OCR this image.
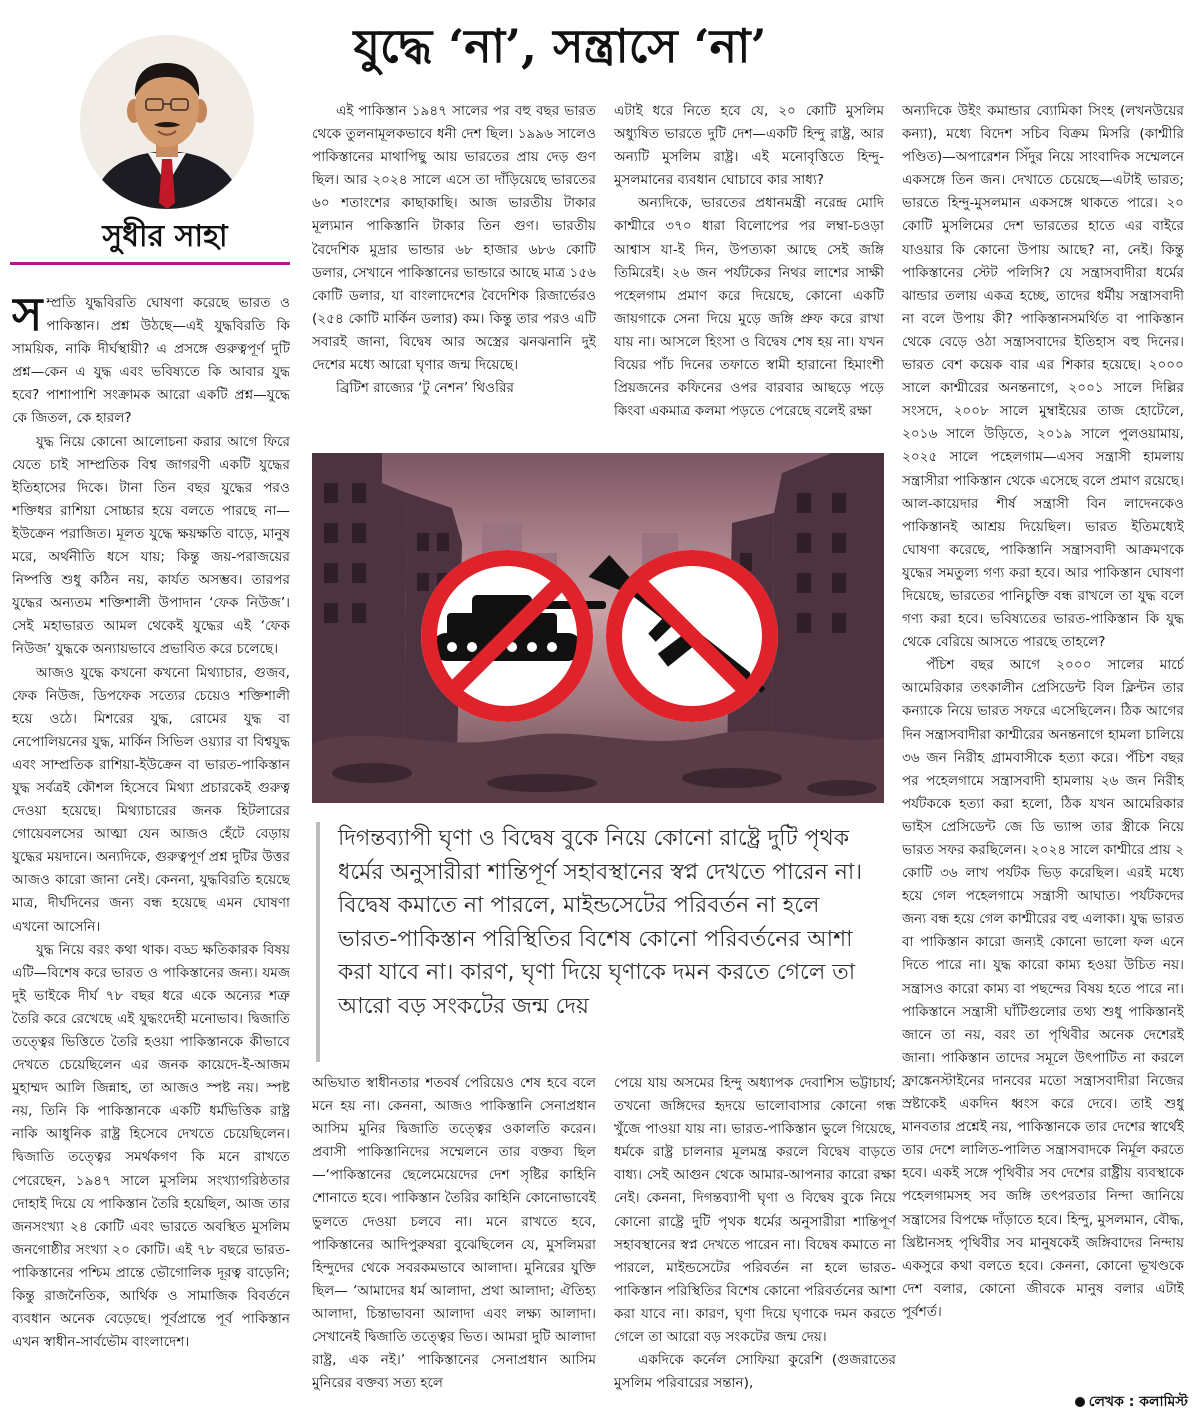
যুদ্ধে ‘না’, সন্ত্রাসে ‘না’
সুধীর সাহা

সম্প্রতি যুদ্ধবিরতি ঘোষণা করেছে ভারত ও পাকিস্তান। প্রশ্ন উঠছে—এই যুদ্ধবিরতি কি সাময়িক, নাকি দীর্ঘস্থায়ী? এ প্রসঙ্গে গুরুত্বপূর্ণ দুটি প্রশ্ন—কেন এ যুদ্ধ এবং ভবিষ্যতে কি আবার যুদ্ধ হবে? পাশাপাশি সংক্রামক আরো একটি প্রশ্ন—যুদ্ধে কে জিতল, কে হারল?

যুদ্ধ নিয়ে কোনো আলোচনা করার আগে ফিরে যেতে চাই সাম্প্রতিক বিশ্ব জাগরণী একটি যুদ্ধের ইতিহাসের দিকে। টানা তিন বছর যুদ্ধের পরও শক্তিধর রাশিয়া সোচ্চার হয়ে বলতে পারছে না—ইউক্রেন পরাজিত। মূলত যুদ্ধে ক্ষয়ক্ষতি বাড়ে, মানুষ মরে, অর্থনীতি ধসে যায়; কিন্তু জয়-পরাজয়ের নিষ্পত্তি শুধু কঠিন নয়, কার্যত অসম্ভব। তারপর যুদ্ধের অন্যতম শক্তিশালী উপাদান ‘ফেক নিউজ’। সেই মহাভারত আমল থেকেই যুদ্ধের এই ‘ফেক নিউজ’ যুদ্ধকে অন্যায়ভাবে প্রভাবিত করে চলেছে।

আজও যুদ্ধে কখনো কখনো মিথ্যাচার, গুজব, ফেক নিউজ, ডিপফেক সত্যের চেয়েও শক্তিশালী হয়ে ওঠে। মিশরের যুদ্ধ, রোমের যুদ্ধ বা নেপোলিয়নের যুদ্ধ, মার্কিন সিভিল ওয়্যার বা বিশ্বযুদ্ধ এবং সাম্প্রতিক রাশিয়া-ইউক্রেন বা ভারত-পাকিস্তান যুদ্ধ সর্বত্রই কৌশল হিসেবে মিথ্যা প্রচারকেই গুরুত্ব দেওয়া হয়েছে। মিথ্যাচারের জনক হিটলারের গোয়েবলসের আত্মা যেন আজও হেঁটে বেড়ায় যুদ্ধের ময়দানে। অন্যদিকে, গুরুত্বপূর্ণ প্রশ্ন দুটির উত্তর আজও কারো জানা নেই। কেননা, যুদ্ধবিরতি হয়েছে মাত্র, দীর্ঘদিনের জন্য বন্ধ হয়েছে এমন ঘোষণা এখনো আসেনি।

যুদ্ধ নিয়ে বরং কথা থাক। বড্ড ক্ষতিকারক বিষয় এটি—বিশেষ করে ভারত ও পাকিস্তানের জন্য। যমজ দুই ভাইকে দীর্ঘ ৭৮ বছর ধরে একে অন্যের শত্রু তৈরি করে রেখেছে এই যুদ্ধংদেহী মনোভাব। দ্বিজাতি তত্ত্বের ভিত্তিতে তৈরি হওয়া পাকিস্তানকে কীভাবে দেখতে চেয়েছিলেন এর জনক কায়েদে-ই-আজম মুহাম্মদ আলি জিন্নাহ, তা আজও স্পষ্ট নয়। স্পষ্ট নয়, তিনি কি পাকিস্তানকে একটি ধর্মভিত্তিক রাষ্ট্র নাকি আধুনিক রাষ্ট্র হিসেবে দেখতে চেয়েছিলেন। দ্বিজাতি তত্ত্বের সমর্থকগণ কি মনে রাখতে পেরেছেন, ১৯৪৭ সালে মুসলিম সংখ্যাগরিষ্ঠতার দোহাই দিয়ে যে পাকিস্তান তৈরি হয়েছিল, আজ তার জনসংখ্যা ২৪ কোটি এবং ভারতে অবস্থিত মুসলিম জনগোষ্ঠীর সংখ্যা ২০ কোটি। এই ৭৮ বছরে ভারত-পাকিস্তানের পশ্চিম প্রান্তে ভৌগোলিক দূরত্ব বাড়েনি; কিন্তু রাজনৈতিক, আর্থিক ও সামাজিক বিবর্তনে ব্যবধান অনেক বেড়েছে। পূর্বপ্রান্তে পূর্ব পাকিস্তান এখন স্বাধীন-সার্বভৌম বাংলাদেশ।

এই পাকিস্তান ১৯৪৭ সালের পর বহু বছর ভারত থেকে তুলনামূলকভাবে ধনী দেশ ছিল। ১৯৯৬ সালেও পাকিস্তানের মাথাপিছু আয় ভারতের প্রায় দেড় গুণ ছিল। আর ২০২৪ সালে এসে তা দাঁড়িয়েছে ভারতের ৬০ শতাংশের কাছাকাছি। আজ ভারতীয় টাকার মূল্যমান পাকিস্তানি টাকার তিন গুণ। ভারতীয় বৈদেশিক মুদ্রার ভান্ডার ৬৮ হাজার ৬৮৬ কোটি ডলার, সেখানে পাকিস্তানের ভান্ডারে আছে মাত্র ১৫৬ কোটি ডলার, যা বাংলাদেশের বৈদেশিক রিজার্ভেরও (২৫৪ কোটি মার্কিন ডলার) কম। কিন্তু তার পরও এটি সবারই জানা, বিদ্বেষ আর অস্ত্রের ঝনঝনানি দুই দেশের মধ্যে আরো ঘৃণার জন্ম দিয়েছে।

ব্রিটিশ রাজ্যের ‘টু নেশন’ থিওরির

এটাই ধরে নিতে হবে যে, ২০ কোটি মুসলিম অধ্যুষিত ভারতে দুটি দেশ—একটি হিন্দু রাষ্ট্র, আর অন্যটি মুসলিম রাষ্ট্র। এই মনোবৃত্তিতে হিন্দু-মুসলমানের ব্যবধান ঘোচাবে কার সাধ্য?

অন্যদিকে, ভারতের প্রধানমন্ত্রী নরেন্দ্র মোদি কাশ্মীরে ৩৭০ ধারা বিলোপের পর লম্বা-চওড়া আশ্বাস যা-ই দিন, উপত্যকা আছে সেই জঙ্গি তিমিরেই। ২৬ জন পর্যটকের নিথর লাশের সাক্ষী পহেলগাম প্রমাণ করে দিয়েছে, কোনো একটি জায়গাকে সেনা দিয়ে মুড়ে জঙ্গি প্রুফ করে রাখা যায় না। আসলে হিংসা ও বিদ্বেষ শেষ হয় না। যখন বিয়ের পাঁচ দিনের তফাতে স্বামী হারানো হিমাংশী প্রিয়জনের কফিনের ওপর বারবার আছড়ে পড়ে কিংবা একমাত্র কলমা পড়তে পেরেছে বলেই রক্ষা

অন্যদিকে উইং কমান্ডার ব্যোমিকা সিংহ (লখনউয়ের কন্যা), মধ্যে বিদেশ সচিব বিক্রম মিসরি (কাশ্মীরি পণ্ডিত)—অপারেশন সিঁদুর নিয়ে সাংবাদিক সম্মেলনে একসঙ্গে তিন জন। দেখাতে চেয়েছে—এটাই ভারত; ভারতে হিন্দু-মুসলমান একসঙ্গে থাকতে পারে। ২০ কোটি মুসলিমের দেশ ভারতের হাতে এর বাইরে যাওয়ার কি কোনো উপায় আছে? না, নেই। কিন্তু পাকিস্তানের স্টেট পলিসি? যে সন্ত্রাসবাদীরা ধর্মের ঝান্ডার তলায় একত্র হচ্ছে, তাদের ধর্মীয় সন্ত্রাসবাদী না বলে উপায় কী? পাকিস্তানসমর্থিত বা পাকিস্তান থেকে বেড়ে ওঠা সন্ত্রাসবাদের ইতিহাস বহু দিনের। ভারত বেশ কয়েক বার এর শিকার হয়েছে। ২০০০ সালে কাশ্মীরের অনন্তনাগে, ২০০১ সালে দিল্লির সংসদে, ২০০৮ সালে মুম্বাইয়ের তাজ হোটেলে, ২০১৬ সালে উড়িতে, ২০১৯ সালে পুলওয়ামায়, ২০২৫ সালে পহেলগাম—এসব সন্ত্রাসী হামলায় সন্ত্রাসীরা পাকিস্তান থেকে এসেছে বলে প্রমাণ রয়েছে। আল-কায়েদার শীর্ষ সন্ত্রাসী বিন লাদেনকেও পাকিস্তানই আশ্রয় দিয়েছিল। ভারত ইতিমধ্যেই ঘোষণা করেছে, পাকিস্তানি সন্ত্রাসবাদী আক্রমণকে যুদ্ধের সমতুল্য গণ্য করা হবে। আর পাকিস্তান ঘোষণা দিয়েছে, ভারতের পানিচুক্তি বন্ধ রাখলে তা যুদ্ধ বলে গণ্য করা হবে। ভবিষ্যতের ভারত-পাকিস্তান কি যুদ্ধ থেকে বেরিয়ে আসতে পারছে তাহলে?

পঁচিশ বছর আগে ২০০০ সালের মার্চে আমেরিকার তৎকালীন প্রেসিডেন্ট বিল ক্লিন্টন তার কন্যাকে নিয়ে ভারত সফরে এসেছিলেন। ঠিক আগের দিন সন্ত্রাসবাদীরা কাশ্মীরের অনন্তনাগে হামলা চালিয়ে ৩৬ জন নিরীহ গ্রামবাসীকে হত্যা করে। পঁচিশ বছর পর পহেলগামে সন্ত্রাসবাদী হামলায় ২৬ জন নিরীহ পর্যটককে হত্যা করা হলো, ঠিক যখন আমেরিকার ভাইস প্রেসিডেন্ট জে ডি ভ্যান্স তার স্ত্রীকে নিয়ে ভারত সফর করছিলেন। ২০২৪ সালে কাশ্মীরে প্রায় ২ কোটি ৩৬ লাখ পর্যটক ভিড় করেছিল। এরই মধ্যে হয়ে গেল পহেলগামে সন্ত্রাসী আঘাত। পর্যটকদের জন্য বন্ধ হয়ে গেল কাশ্মীরের বহু এলাকা। যুদ্ধ ভারত বা পাকিস্তান কারো জন্যই কোনো ভালো ফল এনে দিতে পারে না। যুদ্ধ কারো কাম্য হওয়া উচিত নয়। সন্ত্রাসও কারো কাম্য বা পছন্দের বিষয় হতে পারে না। পাকিস্তানে সন্ত্রাসী ঘাঁটিগুলোর তথ্য শুধু পাকিস্তানই জানে তা নয়, বরং তা পৃথিবীর অনেক দেশেরই জানা। পাকিস্তান তাদের সমূলে উৎপাটিত না করলে ফ্রাঙ্কেনস্টাইনের দানবের মতো সন্ত্রাসবাদীরা নিজের স্রষ্টাকেই একদিন ধ্বংস করে দেবে। তাই শুধু মানবতার প্রশ্নেই নয়, পাকিস্তানকে তার দেশের স্বার্থেই তার দেশে লালিত-পালিত সন্ত্রাসবাদকে নির্মূল করতে হবে। একই সঙ্গে পৃথিবীর সব দেশের রাষ্ট্রীয় ব্যবস্থাকে পহেলগামসহ সব জঙ্গি তৎপরতার নিন্দা জানিয়ে সন্ত্রাসের বিপক্ষে দাঁড়াতে হবে। হিন্দু, মুসলমান, বৌদ্ধ, খ্রিষ্টানসহ পৃথিবীর সব মানুষকেই জঙ্গিবাদের নিন্দায় একসুরে কথা বলতে হবে। কেননা, কোনো ভূখণ্ডকে দেশ বলার, কোনো জীবকে মানুষ বলার এটাই পূর্বশর্ত।

দিগন্তব্যাপী ঘৃণা ও বিদ্বেষ বুকে নিয়ে কোনো রাষ্ট্রে দুটি পৃথক ধর্মের অনুসারীরা শান্তিপূর্ণ সহাবস্থানের স্বপ্ন দেখতে পারেন না। বিদ্বেষ কমাতে না পারলে, মাইন্ডসেটের পরিবর্তন না হলে ভারত-পাকিস্তান পরিস্থিতির বিশেষ কোনো পরিবর্তনের আশা করা যাবে না। কারণ, ঘৃণা দিয়ে ঘৃণাকে দমন করতে গেলে তা আরো বড় সংকটের জন্ম দেয়

অভিঘাত স্বাধীনতার শতবর্ষ পেরিয়েও শেষ হবে বলে মনে হয় না। কেননা, আজও পাকিস্তানি সেনাপ্রধান আসিম মুনির দ্বিজাতি তত্ত্বের ওকালতি করেন। প্রবাসী পাকিস্তানিদের সম্মেলনে তার বক্তব্য ছিল—‘পাকিস্তানের ছেলেমেয়েদের দেশ সৃষ্টির কাহিনি শোনাতে হবে। পাকিস্তান তৈরির কাহিনি কোনোভাবেই ভুলতে দেওয়া চলবে না। মনে রাখতে হবে, পাকিস্তানের আদিপুরুষরা বুঝেছিলেন যে, মুসলিমরা হিন্দুদের থেকে সবরকমভাবে আলাদা। মুনিরের যুক্তি ছিল— ‘আমাদের ধর্ম আলাদা, প্রথা আলাদা; ঐতিহ্য আলাদা, চিন্তাভাবনা আলাদা এবং লক্ষ্য আলাদা। সেখানেই দ্বিজাতি তত্ত্বের ভিত। আমরা দুটি আলাদা রাষ্ট্র, এক নই।’ পাকিস্তানের সেনাপ্রধান আসিম মুনিরের বক্তব্য সত্য হলে

পেয়ে যায় অসমের হিন্দু অধ্যাপক দেবাশিস ভট্টাচার্য; তখনো জঙ্গিদের হৃদয়ে ভালোবাসার কোনো গন্ধ খুঁজে পাওয়া যায় না। ভারত-পাকিস্তান ভুলে গিয়েছে, ধর্মকে রাষ্ট্র চালনার মূলমন্ত্র করলে বিদ্বেষ বাড়তে বাধ্য। সেই আগুন থেকে আমার-আপনার কারো রক্ষা নেই। কেননা, দিগন্তব্যাপী ঘৃণা ও বিদ্বেষ বুকে নিয়ে কোনো রাষ্ট্রে দুটি পৃথক ধর্মের অনুসারীরা শান্তিপূর্ণ সহাবস্থানের স্বপ্ন দেখতে পারেন না। বিদ্বেষ কমাতে না পারলে, মাইন্ডসেটের পরিবর্তন না হলে ভারত-পাকিস্তান পরিস্থিতির বিশেষ কোনো পরিবর্তনের আশা করা যাবে না। কারণ, ঘৃণা দিয়ে ঘৃণাকে দমন করতে গেলে তা আরো বড় সংকটের জন্ম দেয়।

একদিকে কর্নেল সোফিয়া কুরেশি (গুজরাতের মুসলিম পরিবারের সন্তান),

লেখক : কলামিস্ট
